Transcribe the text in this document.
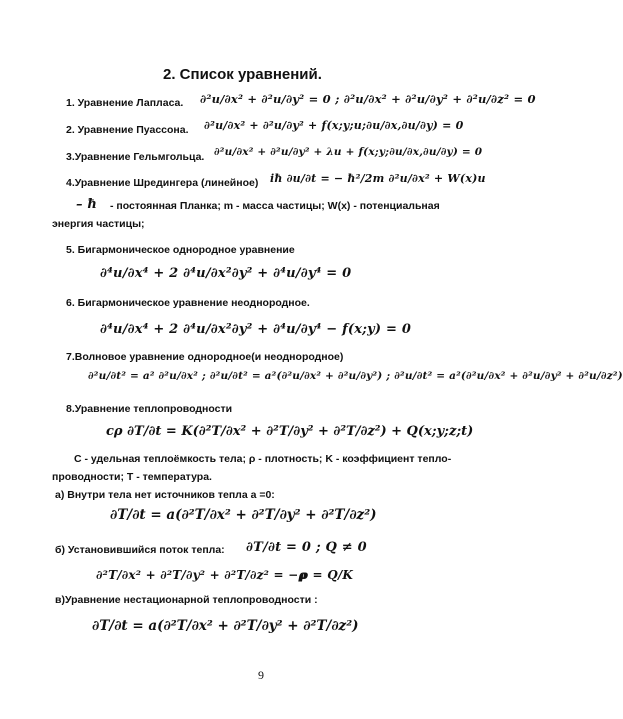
2. Список уравнений.
1. Уравнение Лапласа. ∂²u/∂x² + ∂²u/∂y² = 0 ; ∂²u/∂x² + ∂²u/∂y² + ∂²u/∂z² = 0
2. Уравнение Пуассона. ∂²u/∂x² + ∂²u/∂y² + f(x;y;u;∂u/∂x,∂u/∂y) = 0
3.Уравнение Гельмгольца. ∂²u/∂x² + ∂²u/∂y² + λu + f(x;y;∂u/∂x,∂u/∂y) = 0
4.Уравнение Шредингера (линейное) iħ ∂u/∂t = − ħ²/2m ∂²u/∂x² + W(x)u
– ħ - постоянная Планка; m - масса частицы; W(x) - потенциальная
энергия частицы;
5. Бигармоническое однородное уравнение
∂⁴u/∂x⁴ + 2 ∂⁴u/∂x²∂y² + ∂⁴u/∂y⁴ = 0
6. Бигармоническое уравнение неоднородное.
∂⁴u/∂x⁴ + 2 ∂⁴u/∂x²∂y² + ∂⁴u/∂y⁴ − f(x;y) = 0
7.Волновое уравнение однородное(и неоднородное)
∂²u/∂t² = a² ∂²u/∂x² ; ∂²u/∂t² = a²(∂²u/∂x² + ∂²u/∂y²) ; ∂²u/∂t² = a²(∂²u/∂x² + ∂²u/∂y² + ∂²u/∂z²)
8.Уравнение теплопроводности
cρ ∂T/∂t = K(∂²T/∂x² + ∂²T/∂y² + ∂²T/∂z²) + Q(x;y;z;t)
С - удельная теплоёмкость тела; ρ - плотность; K - коэффициент тепло-
проводности; T - температура.
а) Внутри тела нет источников тепла a =0:
∂T/∂t = a(∂²T/∂x² + ∂²T/∂y² + ∂²T/∂z²)
б) Установившийся поток тепла: ∂T/∂t = 0 ; Q ≠ 0
∂²T/∂x² + ∂²T/∂y² + ∂²T/∂z² = −ρ
ρ = Q/K
в)Уравнение нестационарной теплопроводности :
∂T/∂t = a(∂²T/∂x² + ∂²T/∂y² + ∂²T/∂z²)
9
